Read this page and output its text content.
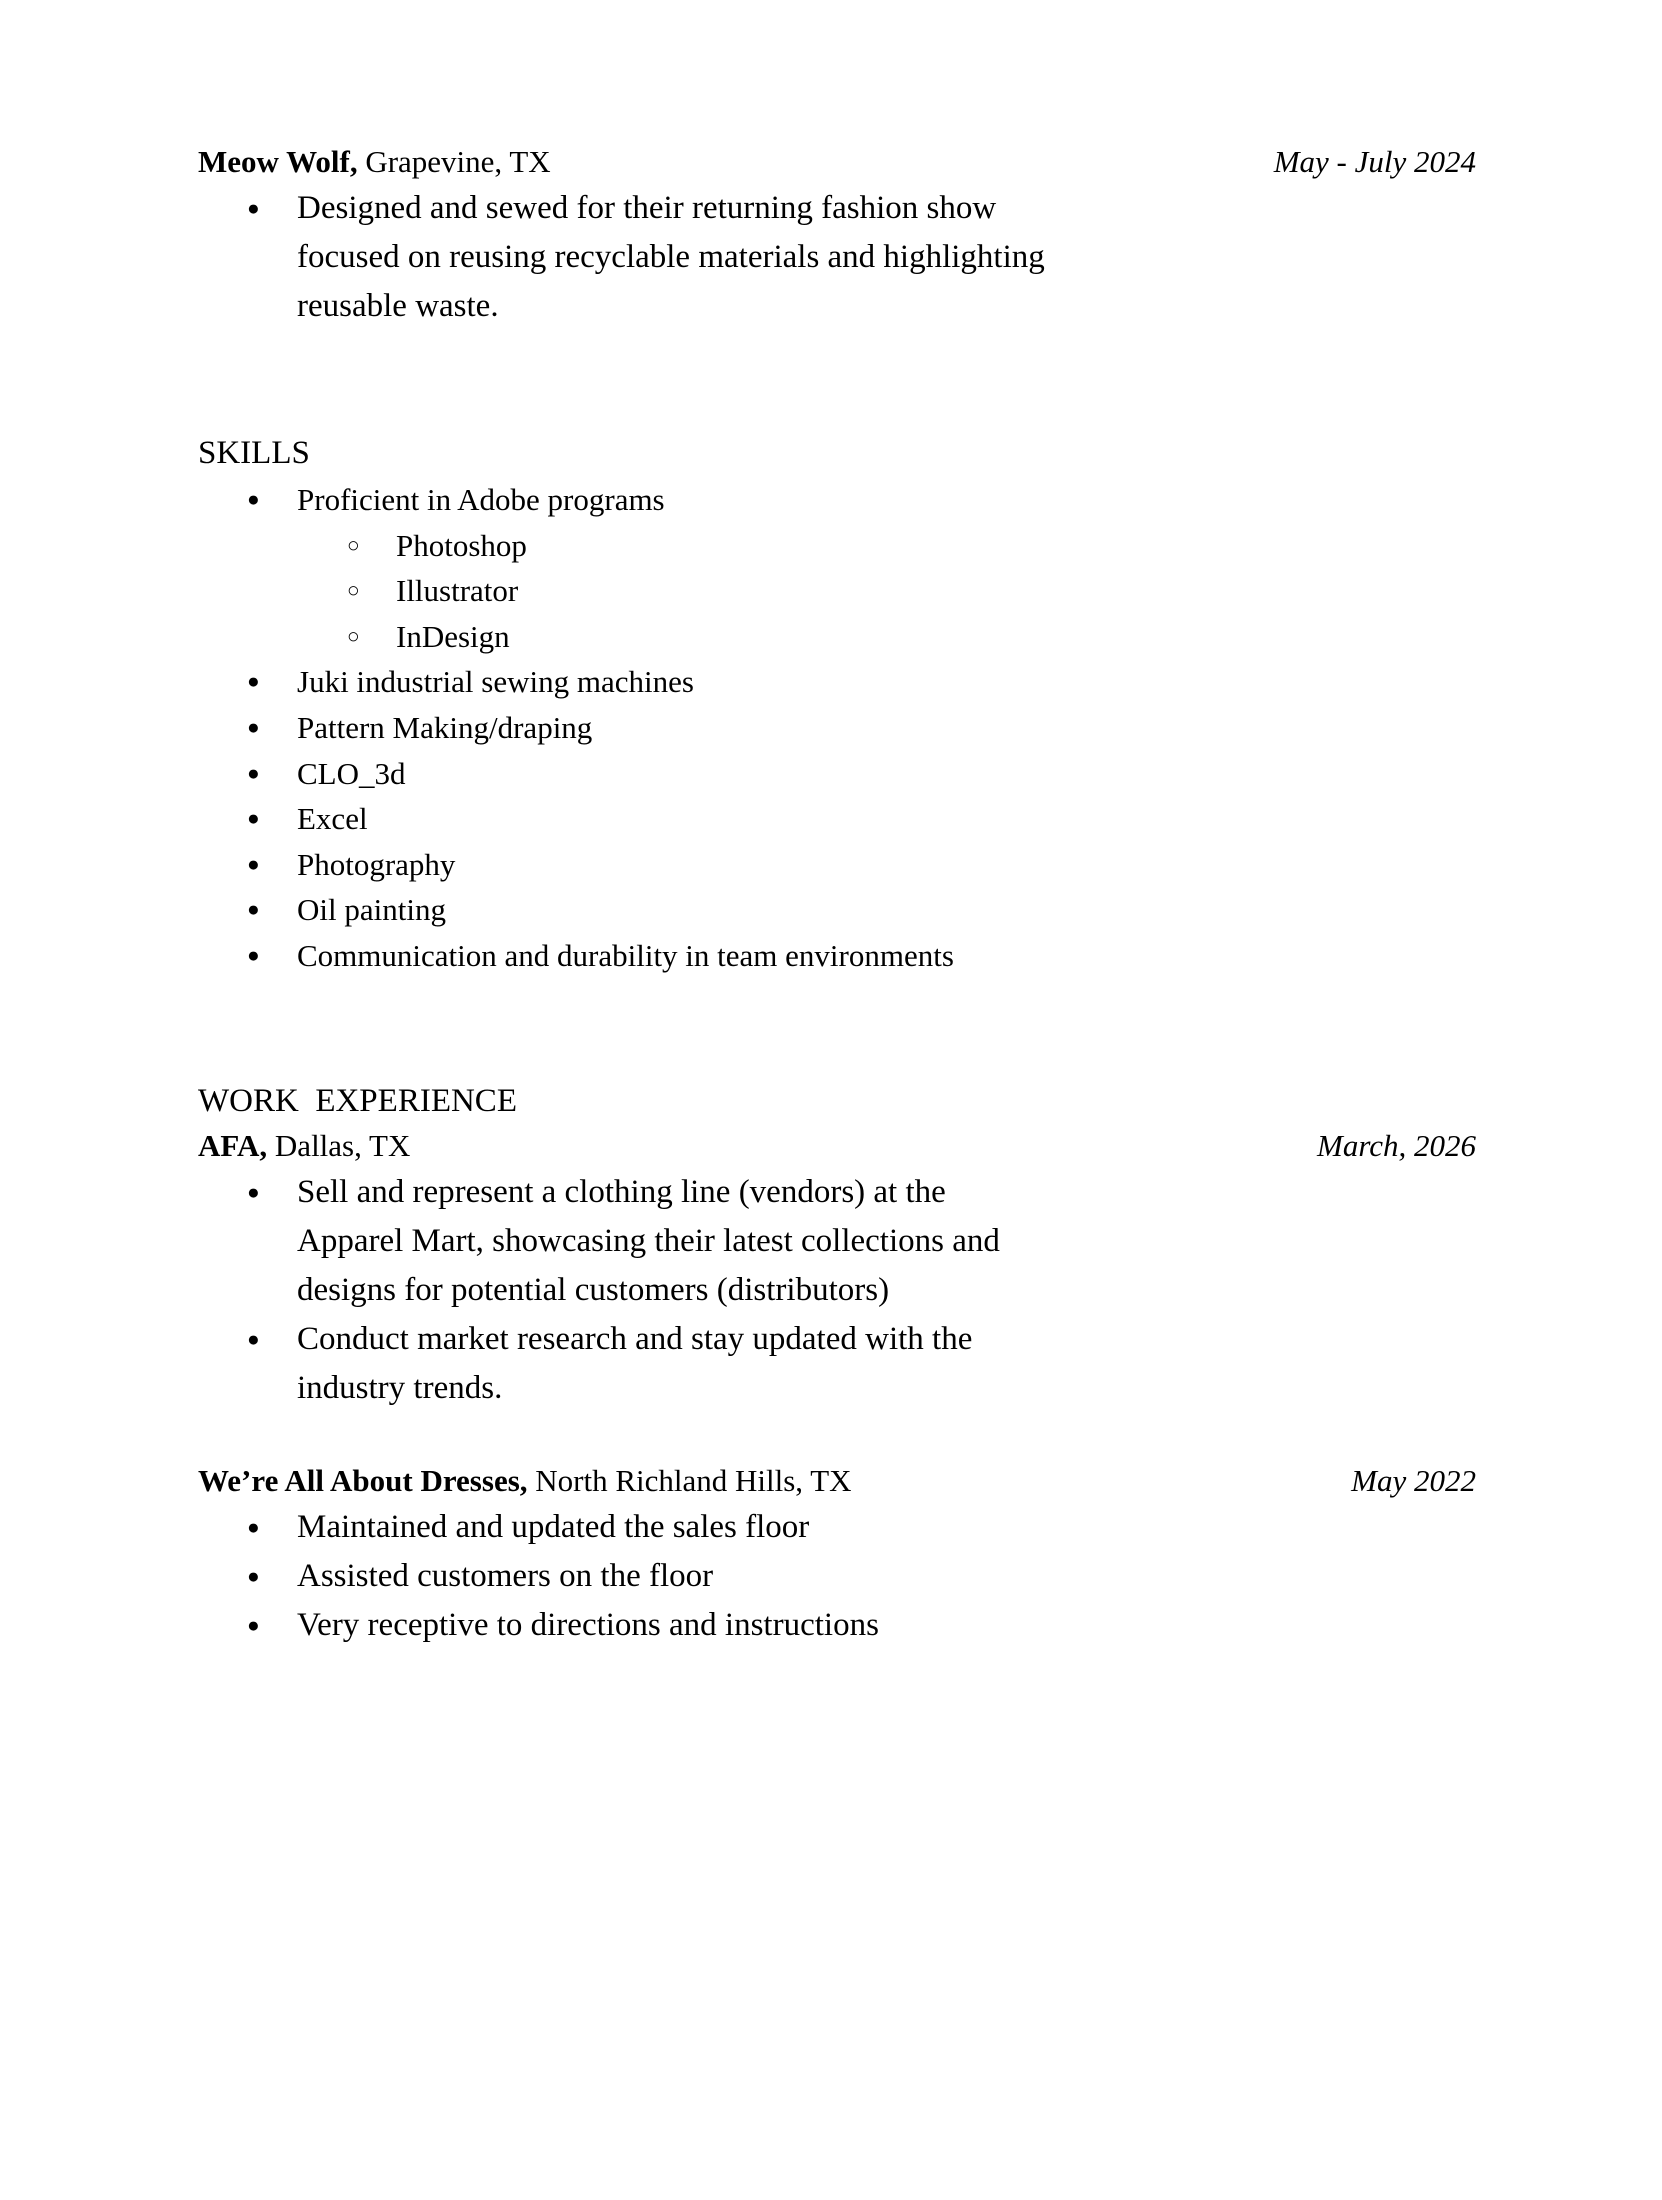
Meow Wolf, Grapevine, TX	May - July 2024
● Designed and sewed for their returning fashion show focused on reusing recyclable materials and highlighting reusable waste.
SKILLS
● Proficient in Adobe programs
○ Photoshop
○ Illustrator
○ InDesign
● Juki industrial sewing machines
● Pattern Making/draping
● CLO_3d
● Excel
● Photography
● Oil painting
● Communication and durability in team environments
WORK  EXPERIENCE
AFA, Dallas, TX	March, 2026
● Sell and represent a clothing line (vendors) at the Apparel Mart, showcasing their latest collections and designs for potential customers (distributors)
● Conduct market research and stay updated with the industry trends.
We’re All About Dresses, North Richland Hills, TX	May 2022
● Maintained and updated the sales floor
● Assisted customers on the floor
● Very receptive to directions and instructions
